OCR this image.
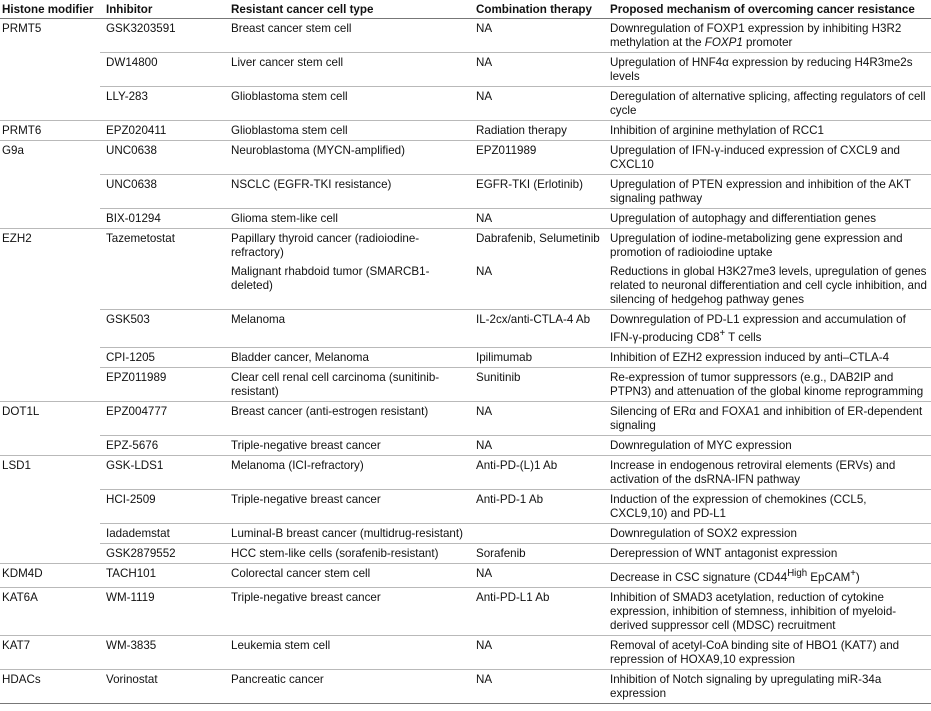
Histone modifier	Inhibitor	Resistant cancer cell type	Combination therapy	Proposed mechanism of overcoming cancer resistance
PRMT5	GSK3203591	Breast cancer stem cell	NA	Downregulation of FOXP1 expression by inhibiting H3R2 methylation at the FOXP1 promoter
	DW14800	Liver cancer stem cell	NA	Upregulation of HNF4α expression by reducing H4R3me2s levels
	LLY-283	Glioblastoma stem cell	NA	Deregulation of alternative splicing, affecting regulators of cell cycle
PRMT6	EPZ020411	Glioblastoma stem cell	Radiation therapy	Inhibition of arginine methylation of RCC1
G9a	UNC0638	Neuroblastoma (MYCN-amplified)	EPZ011989	Upregulation of IFN-γ-induced expression of CXCL9 and CXCL10
	UNC0638	NSCLC (EGFR-TKI resistance)	EGFR-TKI (Erlotinib)	Upregulation of PTEN expression and inhibition of the AKT signaling pathway
	BIX-01294	Glioma stem-like cell	NA	Upregulation of autophagy and differentiation genes
EZH2	Tazemetostat	Papillary thyroid cancer (radioiodine-refractory)	Dabrafenib, Selumetinib	Upregulation of iodine-metabolizing gene expression and promotion of radioiodine uptake
		Malignant rhabdoid tumor (SMARCB1-deleted)	NA	Reductions in global H3K27me3 levels, upregulation of genes related to neuronal differentiation and cell cycle inhibition, and silencing of hedgehog pathway genes
	GSK503	Melanoma	IL-2cx/anti-CTLA-4 Ab	Downregulation of PD-L1 expression and accumulation of IFN-γ-producing CD8+ T cells
	CPI-1205	Bladder cancer, Melanoma	Ipilimumab	Inhibition of EZH2 expression induced by anti–CTLA-4
	EPZ011989	Clear cell renal cell carcinoma (sunitinib-resistant)	Sunitinib	Re-expression of tumor suppressors (e.g., DAB2IP and PTPN3) and attenuation of the global kinome reprogramming
DOT1L	EPZ004777	Breast cancer (anti-estrogen resistant)	NA	Silencing of ERα and FOXA1 and inhibition of ER-dependent signaling
	EPZ-5676	Triple-negative breast cancer	NA	Downregulation of MYC expression
LSD1	GSK-LDS1	Melanoma (ICI-refractory)	Anti-PD-(L)1 Ab	Increase in endogenous retroviral elements (ERVs) and activation of the dsRNA-IFN pathway
	HCI-2509	Triple-negative breast cancer	Anti-PD-1 Ab	Induction of the expression of chemokines (CCL5, CXCL9,10) and PD-L1
	Iadademstat	Luminal-B breast cancer (multidrug-resistant)		Downregulation of SOX2 expression
	GSK2879552	HCC stem-like cells (sorafenib-resistant)	Sorafenib	Derepression of WNT antagonist expression
KDM4D	TACH101	Colorectal cancer stem cell	NA	Decrease in CSC signature ($CD44^{High}$ EpCAM+)
KAT6A	WM-1119	Triple-negative breast cancer	Anti-PD-L1 Ab	Inhibition of SMAD3 acetylation, reduction of cytokine expression, inhibition of stemness, inhibition of myeloid-derived suppressor cell (MDSC) recruitment
KAT7	WM-3835	Leukemia stem cell	NA	Removal of acetyl-CoA binding site of HBO1 (KAT7) and repression of HOXA9,10 expression
HDACs	Vorinostat	Pancreatic cancer	NA	Inhibition of Notch signaling by upregulating miR-34a expression
